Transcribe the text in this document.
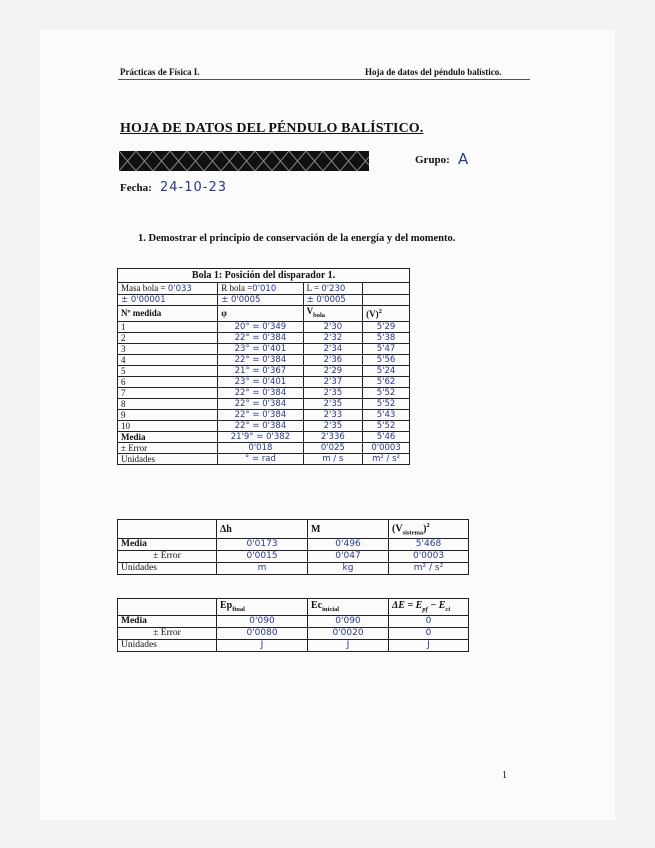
Prácticas de Física I.	Hoja de datos del péndulo balístico.
HOJA DE DATOS DEL PÉNDULO BALÍSTICO.
Grupo: A
Fecha: 24-10-23
1. Demostrar el principio de conservación de la energía y del momento.
Bola 1: Posición del disparador 1.			
Masa bola = 0'033	R bola =0'010	L = 0'230	
± 0'00001	± 0'0005	± 0'0005	
Nº medida	φ	$V_{bola}$	$(V)^2$
1	20° = 0'349	2'30	5'29
2	22° = 0'384	2'32	5'38
3	23° = 0'401	2'34	5'47
4	22° = 0'384	2'36	5'56
5	21° = 0'367	2'29	5'24
6	23° = 0'401	2'37	5'62
7	22° = 0'384	2'35	5'52
8	22° = 0'384	2'35	5'52
9	22° = 0'384	2'33	5'43
10	22° = 0'384	2'35	5'52
Media	21'9° = 0'382	2'336	5'46
± Error	0'018	0'025	0'0003
Unidades	° = rad	m / s	m² / s²
	Δh	M	$(V_{sistema})^2$
Media	0'0173	0'496	5'468
± Error	0'0015	0'047	0'0003
Unidades	m	kg	m² / s²
	$Ep_{final}$	$Ec_{inicial}$	$\Delta E = E_{pf} - E_{ci}$
Media	0'090	0'090	0
± Error	0'0080	0'0020	0
Unidades	J	J	J
1
